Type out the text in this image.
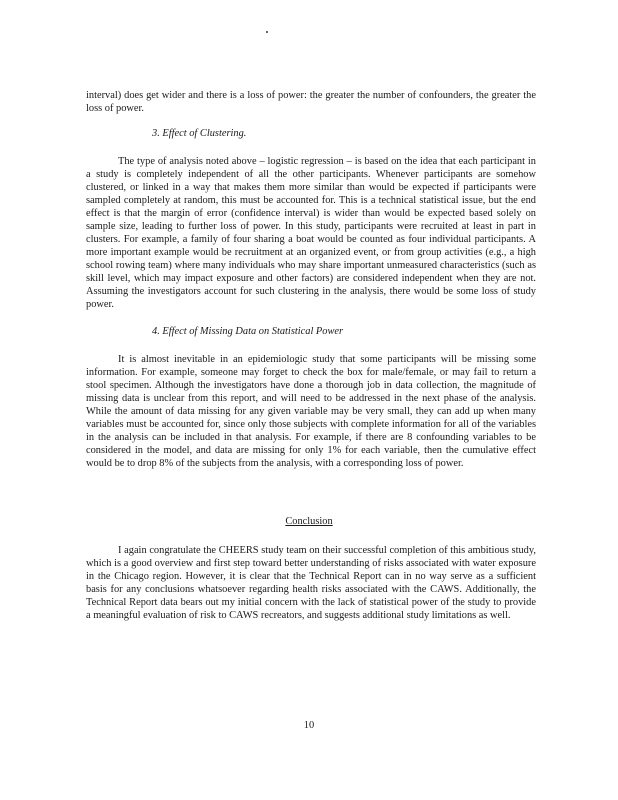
interval) does get wider and there is a loss of power: the greater the number of confounders, the greater the loss of power.

3. Effect of Clustering.

The type of analysis noted above – logistic regression – is based on the idea that each participant in a study is completely independent of all the other participants. Whenever participants are somehow clustered, or linked in a way that makes them more similar than would be expected if participants were sampled completely at random, this must be accounted for. This is a technical statistical issue, but the end effect is that the margin of error (confidence interval) is wider than would be expected based solely on sample size, leading to further loss of power. In this study, participants were recruited at least in part in clusters. For example, a family of four sharing a boat would be counted as four individual participants. A more important example would be recruitment at an organized event, or from group activities (e.g., a high school rowing team) where many individuals who may share important unmeasured characteristics (such as skill level, which may impact exposure and other factors) are considered independent when they are not. Assuming the investigators account for such clustering in the analysis, there would be some loss of study power.

4. Effect of Missing Data on Statistical Power

It is almost inevitable in an epidemiologic study that some participants will be missing some information. For example, someone may forget to check the box for male/female, or may fail to return a stool specimen. Although the investigators have done a thorough job in data collection, the magnitude of missing data is unclear from this report, and will need to be addressed in the next phase of the analysis. While the amount of data missing for any given variable may be very small, they can add up when many variables must be accounted for, since only those subjects with complete information for all of the variables in the analysis can be included in that analysis. For example, if there are 8 confounding variables to be considered in the model, and data are missing for only 1% for each variable, then the cumulative effect would be to drop 8% of the subjects from the analysis, with a corresponding loss of power.

Conclusion

I again congratulate the CHEERS study team on their successful completion of this ambitious study, which is a good overview and first step toward better understanding of risks associated with water exposure in the Chicago region. However, it is clear that the Technical Report can in no way serve as a sufficient basis for any conclusions whatsoever regarding health risks associated with the CAWS. Additionally, the Technical Report data bears out my initial concern with the lack of statistical power of the study to provide a meaningful evaluation of risk to CAWS recreators, and suggests additional study limitations as well.

10
